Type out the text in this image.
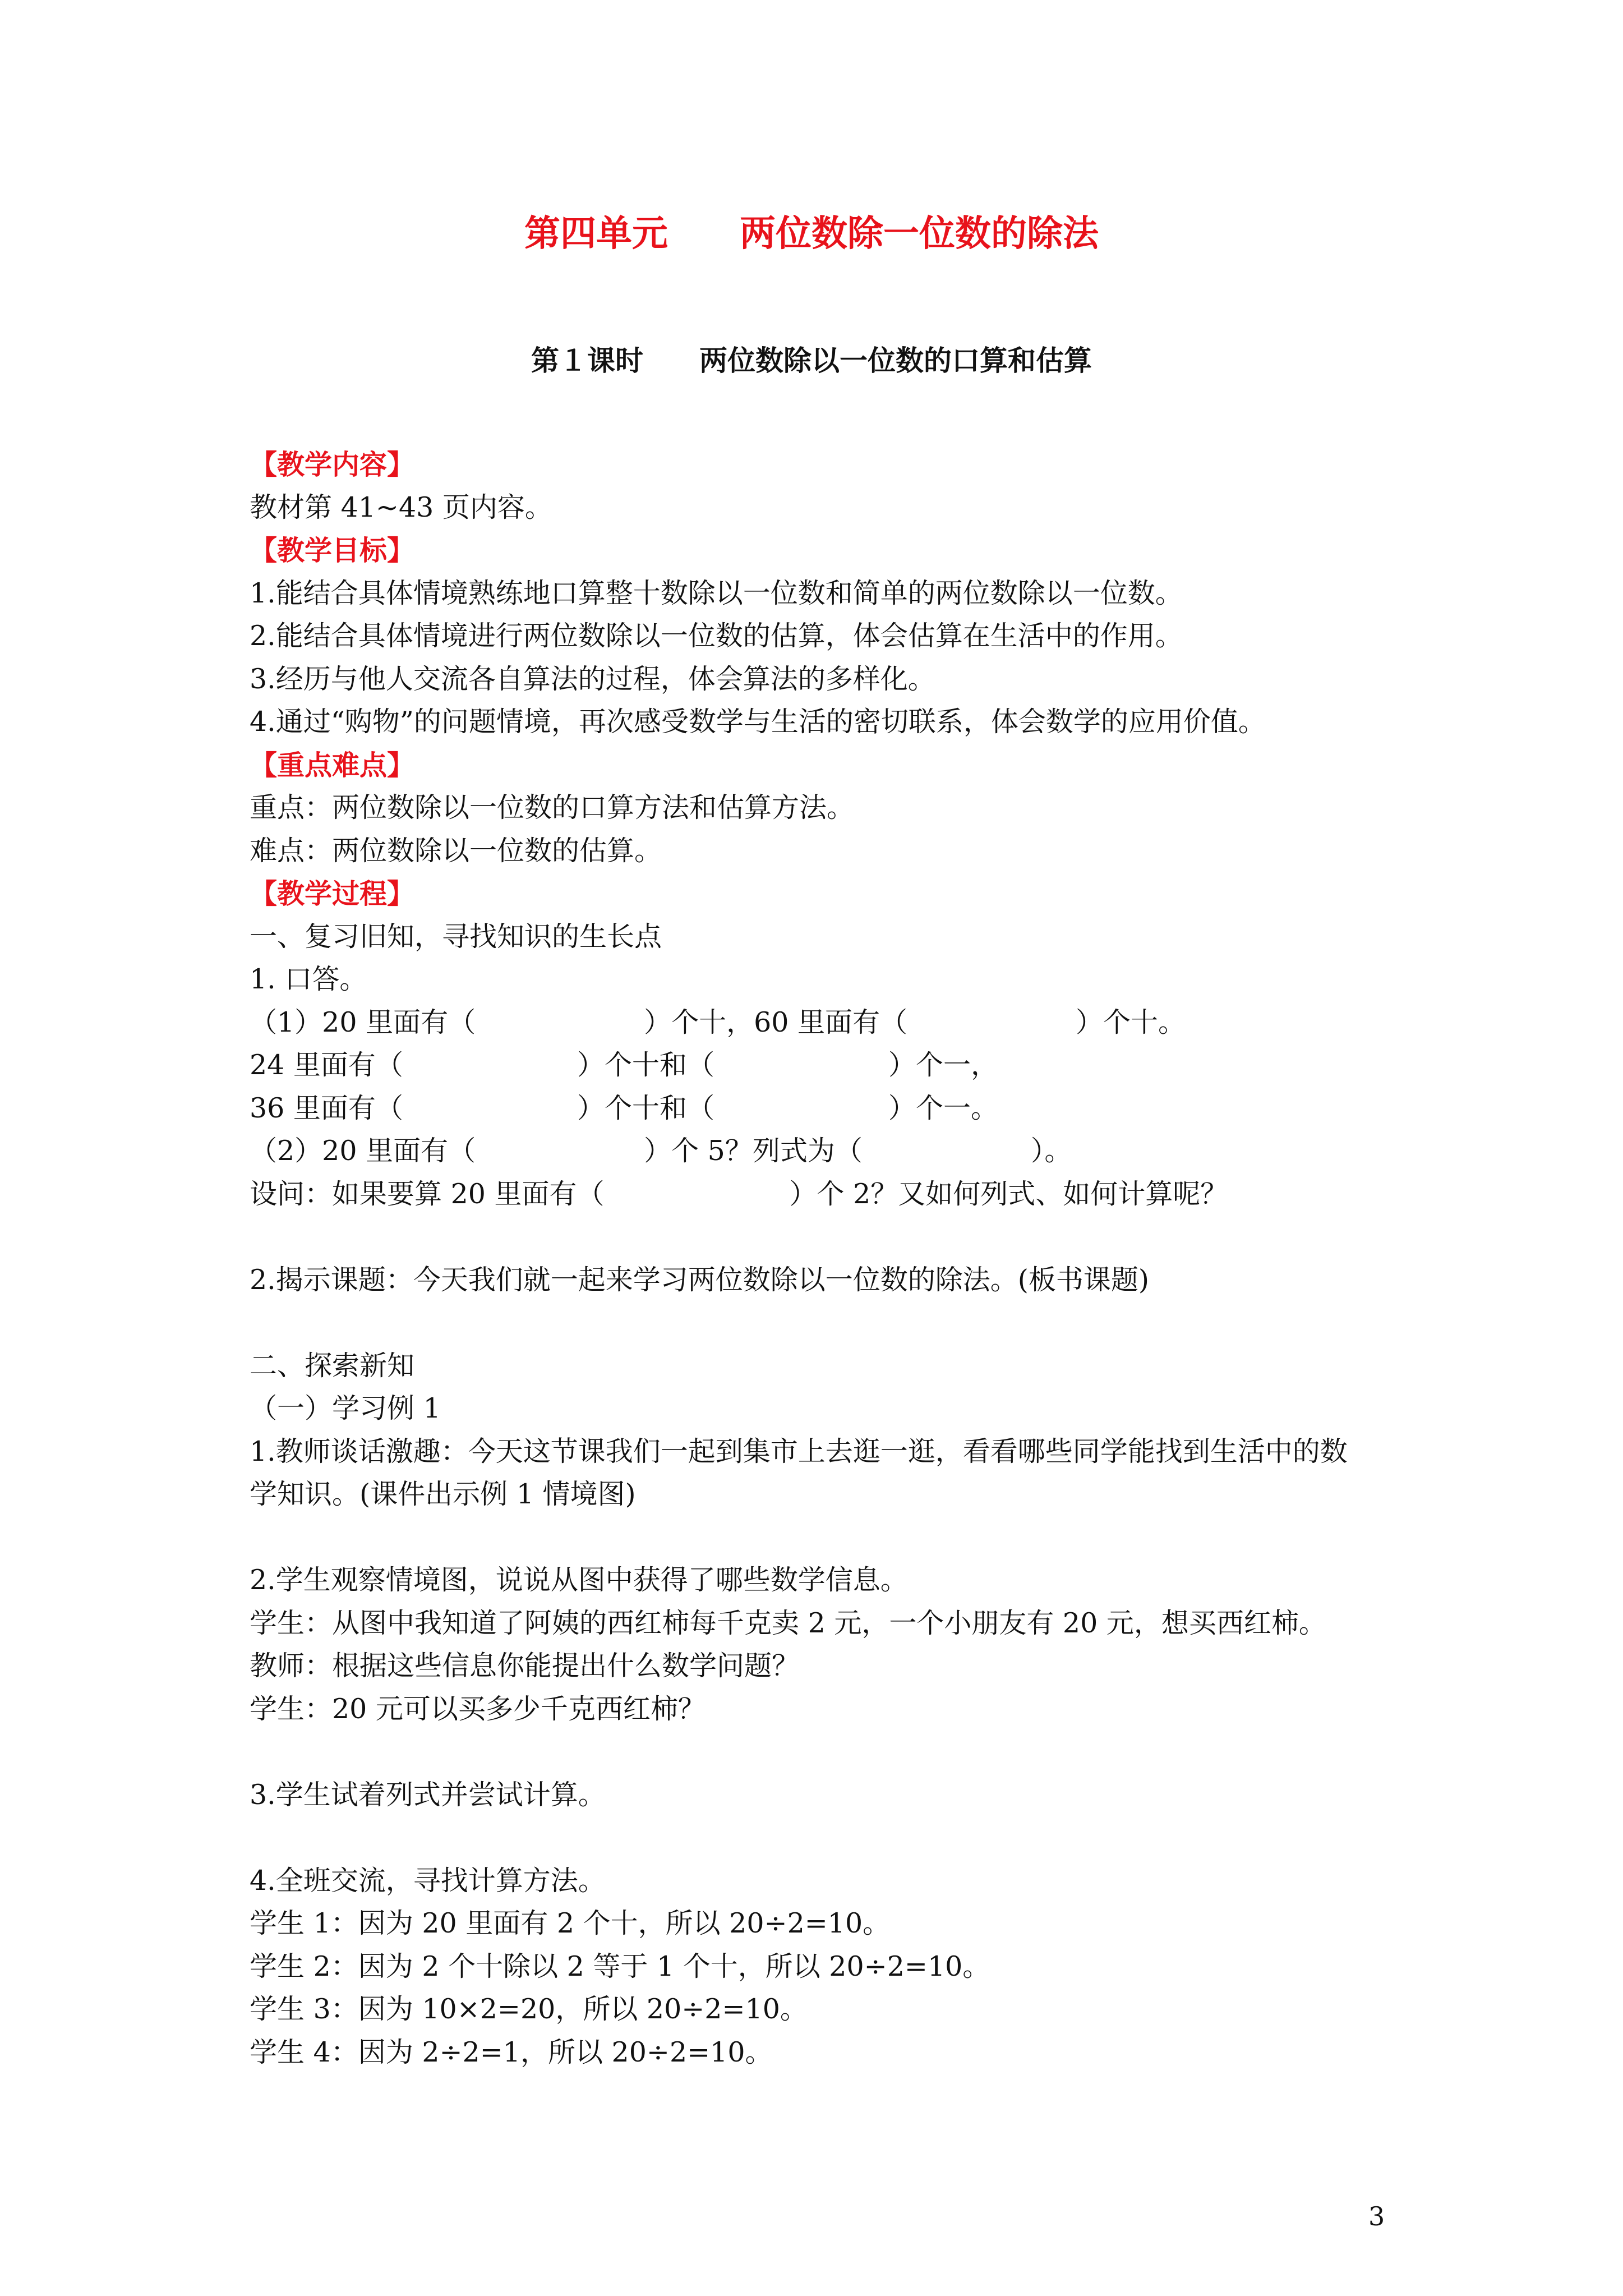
第四单元　　两位数除一位数的除法
第１课时　　两位数除以一位数的口算和估算
【教学内容】
教材第 41~43 页内容。
【教学目标】
1.能结合具体情境熟练地口算整十数除以一位数和简单的两位数除以一位数。
2.能结合具体情境进行两位数除以一位数的估算，体会估算在生活中的作用。
3.经历与他人交流各自算法的过程，体会算法的多样化。
4.通过“购物”的问题情境，再次感受数学与生活的密切联系，体会数学的应用价值。
【重点难点】
重点：两位数除以一位数的口算方法和估算方法。
难点：两位数除以一位数的估算。
【教学过程】
一、复习旧知，寻找知识的生长点
1. 口答。
（1）20 里面有（	）个十，60 里面有（	）个十。
24 里面有（	）个十和（	）个一，
36 里面有（	）个十和（	）个一。
（2）20 里面有（	）个 5？列式为（	）。
设问：如果要算 20 里面有（	）个 2？又如何列式、如何计算呢？
2.揭示课题：今天我们就一起来学习两位数除以一位数的除法。(板书课题)
二、探索新知
（一）学习例 1
1.教师谈话激趣：今天这节课我们一起到集市上去逛一逛，看看哪些同学能找到生活中的数
学知识。(课件出示例 1 情境图)
2.学生观察情境图，说说从图中获得了哪些数学信息。
学生：从图中我知道了阿姨的西红柿每千克卖 2 元，一个小朋友有 20 元，想买西红柿。
教师：根据这些信息你能提出什么数学问题？
学生：20 元可以买多少千克西红柿？
3.学生试着列式并尝试计算。
4.全班交流，寻找计算方法。
学生 1：因为 20 里面有 2 个十，所以 20÷2=10。
学生 2：因为 2 个十除以 2 等于 1 个十，所以 20÷2=10。
学生 3：因为 10×2=20，所以 20÷2=10。
学生 4：因为 2÷2=1，所以 20÷2=10。
3
